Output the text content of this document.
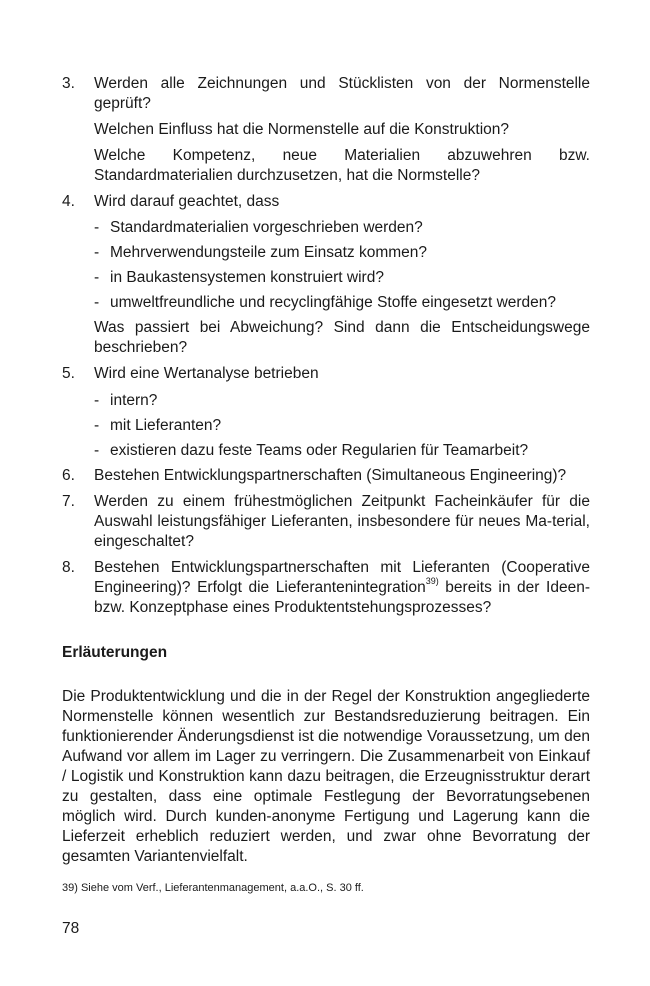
3. Werden alle Zeichnungen und Stücklisten von der Normenstelle geprüft?

Welchen Einfluss hat die Normenstelle auf die Konstruktion?

Welche Kompetenz, neue Materialien abzuwehren bzw. Standardmaterialien durchzusetzen, hat die Normstelle?

4. Wird darauf geachtet, dass

- Standardmaterialien vorgeschrieben werden?

- Mehrverwendungsteile zum Einsatz kommen?

- in Baukastensystemen konstruiert wird?

- umweltfreundliche und recyclingfähige Stoffe eingesetzt werden?

Was passiert bei Abweichung? Sind dann die Entscheidungswege beschrieben?

5. Wird eine Wertanalyse betrieben

- intern?

- mit Lieferanten?

- existieren dazu feste Teams oder Regularien für Teamarbeit?

6. Bestehen Entwicklungspartnerschaften (Simultaneous Engineering)?

7. Werden zu einem frühestmöglichen Zeitpunkt Facheinkäufer für die Auswahl leistungsfähiger Lieferanten, insbesondere für neues Ma-terial, eingeschaltet?

8. Bestehen Entwicklungspartnerschaften mit Lieferanten (Cooperative Engineering)? Erfolgt die Lieferantenintegration$^{39)}$ bereits in der Ideen- bzw. Konzeptphase eines Produktentstehungsprozesses?

Erläuterungen

Die Produktentwicklung und die in der Regel der Konstruktion angegliederte Normenstelle können wesentlich zur Bestandsreduzierung beitragen. Ein funktionierender Änderungsdienst ist die notwendige Voraussetzung, um den Aufwand vor allem im Lager zu verringern. Die Zusammenarbeit von Einkauf / Logistik und Konstruktion kann dazu beitragen, die Erzeugnisstruktur derart zu gestalten, dass eine optimale Festlegung der Bevorratungsebenen möglich wird. Durch kunden-anonyme Fertigung und Lagerung kann die Lieferzeit erheblich reduziert werden, und zwar ohne Bevorratung der gesamten Variantenvielfalt.

39) Siehe vom Verf., Lieferantenmanagement, a.a.O., S. 30 ff.
78
